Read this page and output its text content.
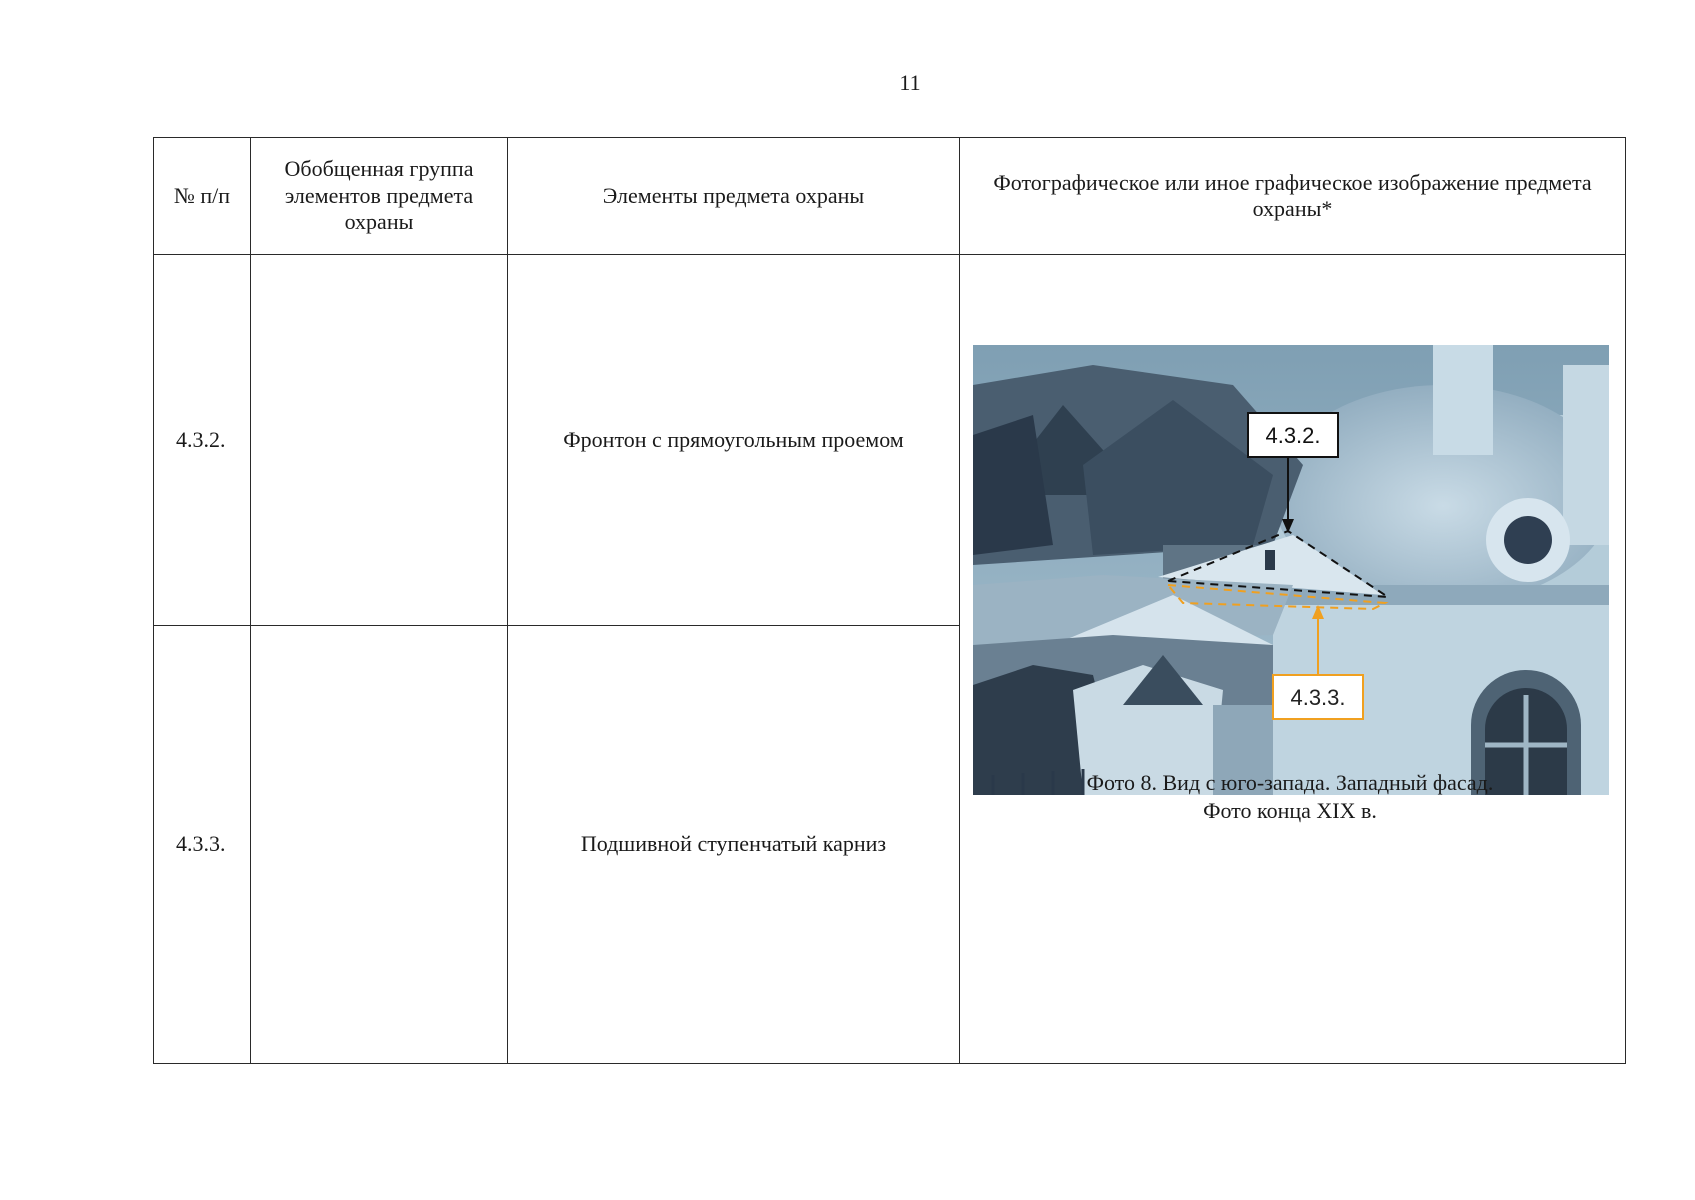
11
№ п/п	Обобщенная группа элементов предмета охраны	Элементы предмета охраны	Фотографическое или иное графическое изображение предмета охраны*
4.3.2.		Фронтон с прямоугольным проемом	4.3.2.
4.3.3.
Фото 8. Вид с юго-запада. Западный фасад.
Фото конца XIX в.

4.3.3.		Подшивной ступенчатый карниз	
